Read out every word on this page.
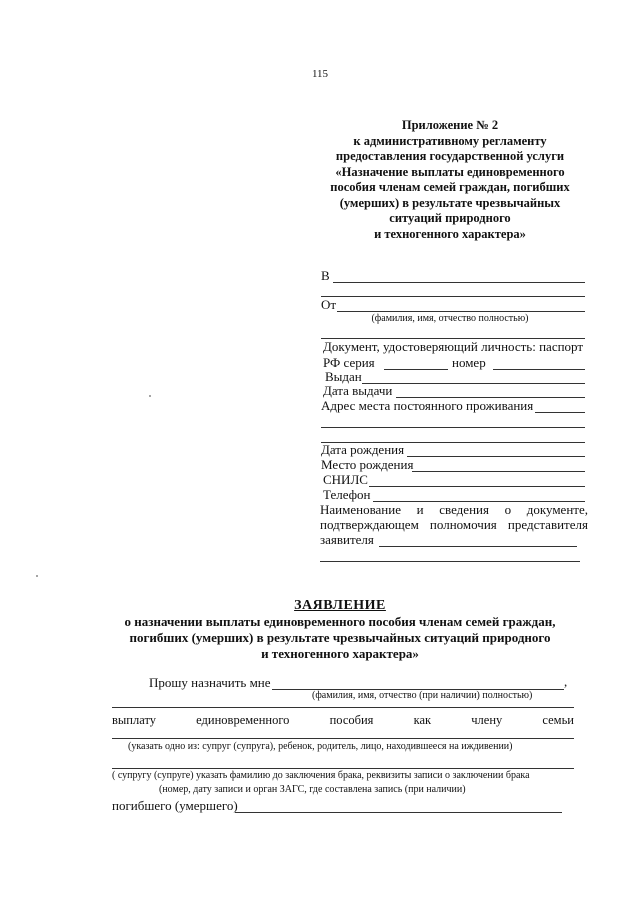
115
Приложение № 2
к административному регламенту
предоставления государственной услуги
«Назначение выплаты единовременного
пособия членам семей граждан, погибших
(умерших) в результате чрезвычайных
ситуаций природного
и техногенного характера»
В
От
(фамилия, имя, отчество полностью)
Документ, удостоверяющий личность: паспорт
РФ серия	номер
Выдан
Дата выдачи
Адрес места постоянного проживания
Дата рождения
Место рождения
СНИЛС
Телефон
Наименование и сведения о документе,
подтверждающем полномочия представителя
заявителя
ЗАЯВЛЕНИЕ
о назначении выплаты единовременного пособия членам семей граждан,
погибших (умерших) в результате чрезвычайных ситуаций природного
и техногенного характера»
Прошу назначить мне	,
(фамилия, имя, отчество (при наличии) полностью)
выплату	единовременного	пособия	как	члену	семьи
(указать одно из: супруг (супруга), ребенок, родитель, лицо, находившееся на иждивении)
( супругу (супруге) указать фамилию до заключения брака, реквизиты записи о заключении брака
(номер, дату записи и орган ЗАГС, где составлена запись (при наличии)
погибшего (умершего)
